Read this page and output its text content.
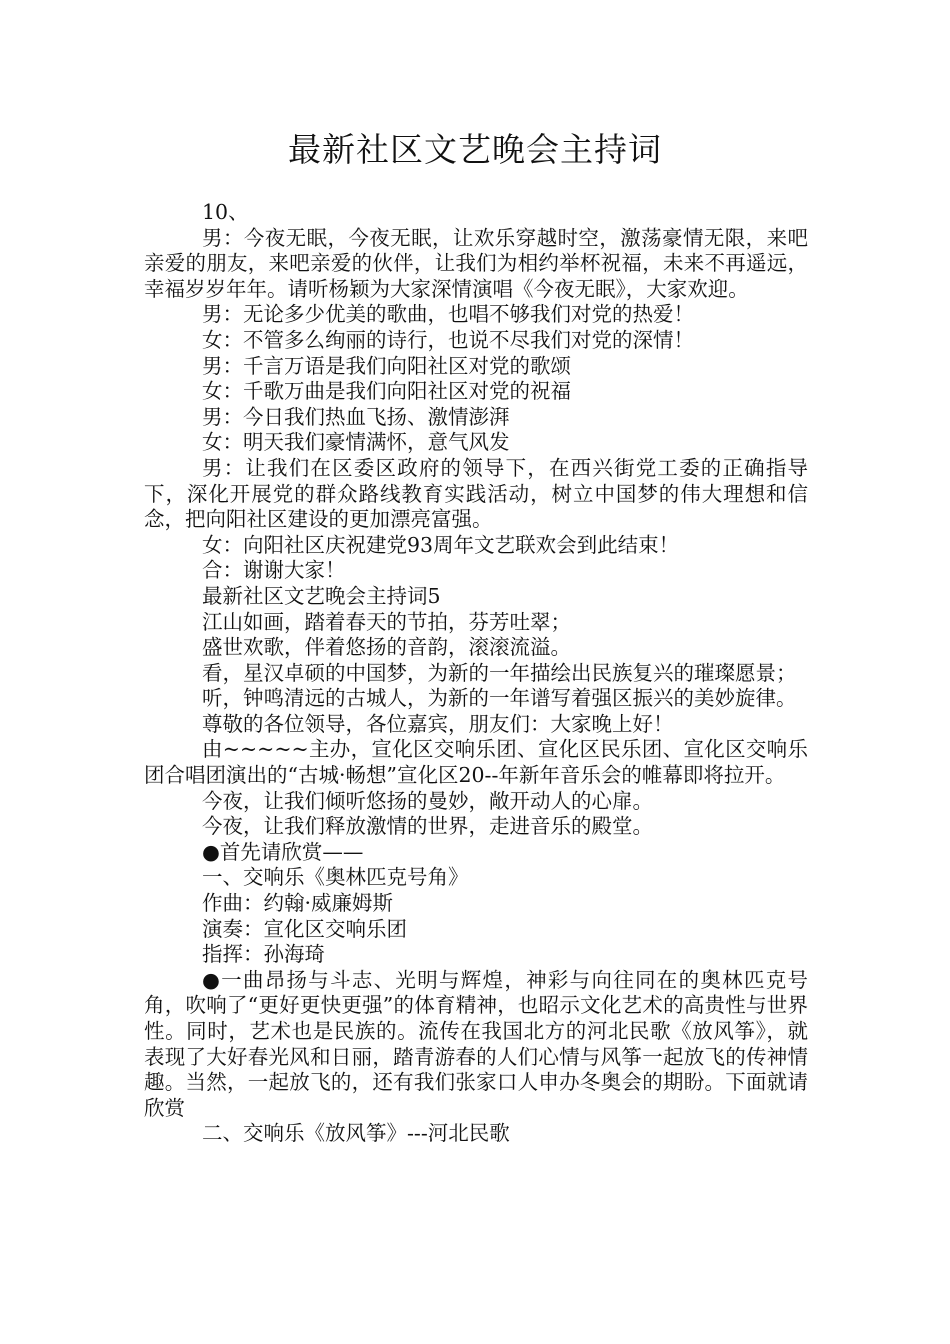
最新社区文艺晚会主持词

10、

男：今夜无眠，今夜无眠，让欢乐穿越时空，激荡豪情无限，来吧亲爱的朋友，来吧亲爱的伙伴，让我们为相约举杯祝福，未来不再遥远，幸福岁岁年年。请听杨颖为大家深情演唱《今夜无眠》，大家欢迎。

男：无论多少优美的歌曲，也唱不够我们对党的热爱！

女：不管多么绚丽的诗行，也说不尽我们对党的深情！

男：千言万语是我们向阳社区对党的歌颂

女：千歌万曲是我们向阳社区对党的祝福

男：今日我们热血飞扬、激情澎湃

女：明天我们豪情满怀，意气风发

男：让我们在区委区政府的领导下，在西兴街党工委的正确指导下，深化开展党的群众路线教育实践活动，树立中国梦的伟大理想和信念，把向阳社区建设的更加漂亮富强。

女：向阳社区庆祝建党93周年文艺联欢会到此结束！

合：谢谢大家！

最新社区文艺晚会主持词5

江山如画，踏着春天的节拍，芬芳吐翠；

盛世欢歌，伴着悠扬的音韵，滚滚流溢。

看，星汉卓硕的中国梦，为新的一年描绘出民族复兴的璀璨愿景；

听，钟鸣清远的古城人，为新的一年谱写着强区振兴的美妙旋律。

尊敬的各位领导，各位嘉宾，朋友们：大家晚上好！

由~~~~~主办，宣化区交响乐团、宣化区民乐团、宣化区交响乐团合唱团演出的“古城·畅想”宣化区20--年新年音乐会的帷幕即将拉开。

今夜，让我们倾听悠扬的曼妙，敞开动人的心扉。

今夜，让我们释放激情的世界，走进音乐的殿堂。

●首先请欣赏——

一、交响乐《奥林匹克号角》

作曲：约翰·威廉姆斯

演奏：宣化区交响乐团

指挥：孙海琦

●一曲昂扬与斗志、光明与辉煌，神彩与向往同在的奥林匹克号角，吹响了“更好更快更强”的体育精神，也昭示文化艺术的高贵性与世界性。同时，艺术也是民族的。流传在我国北方的河北民歌《放风筝》，就表现了大好春光风和日丽，踏青游春的人们心情与风筝一起放飞的传神情趣。当然，一起放飞的，还有我们张家口人申办冬奥会的期盼。下面就请欣赏

二、交响乐《放风筝》---河北民歌
